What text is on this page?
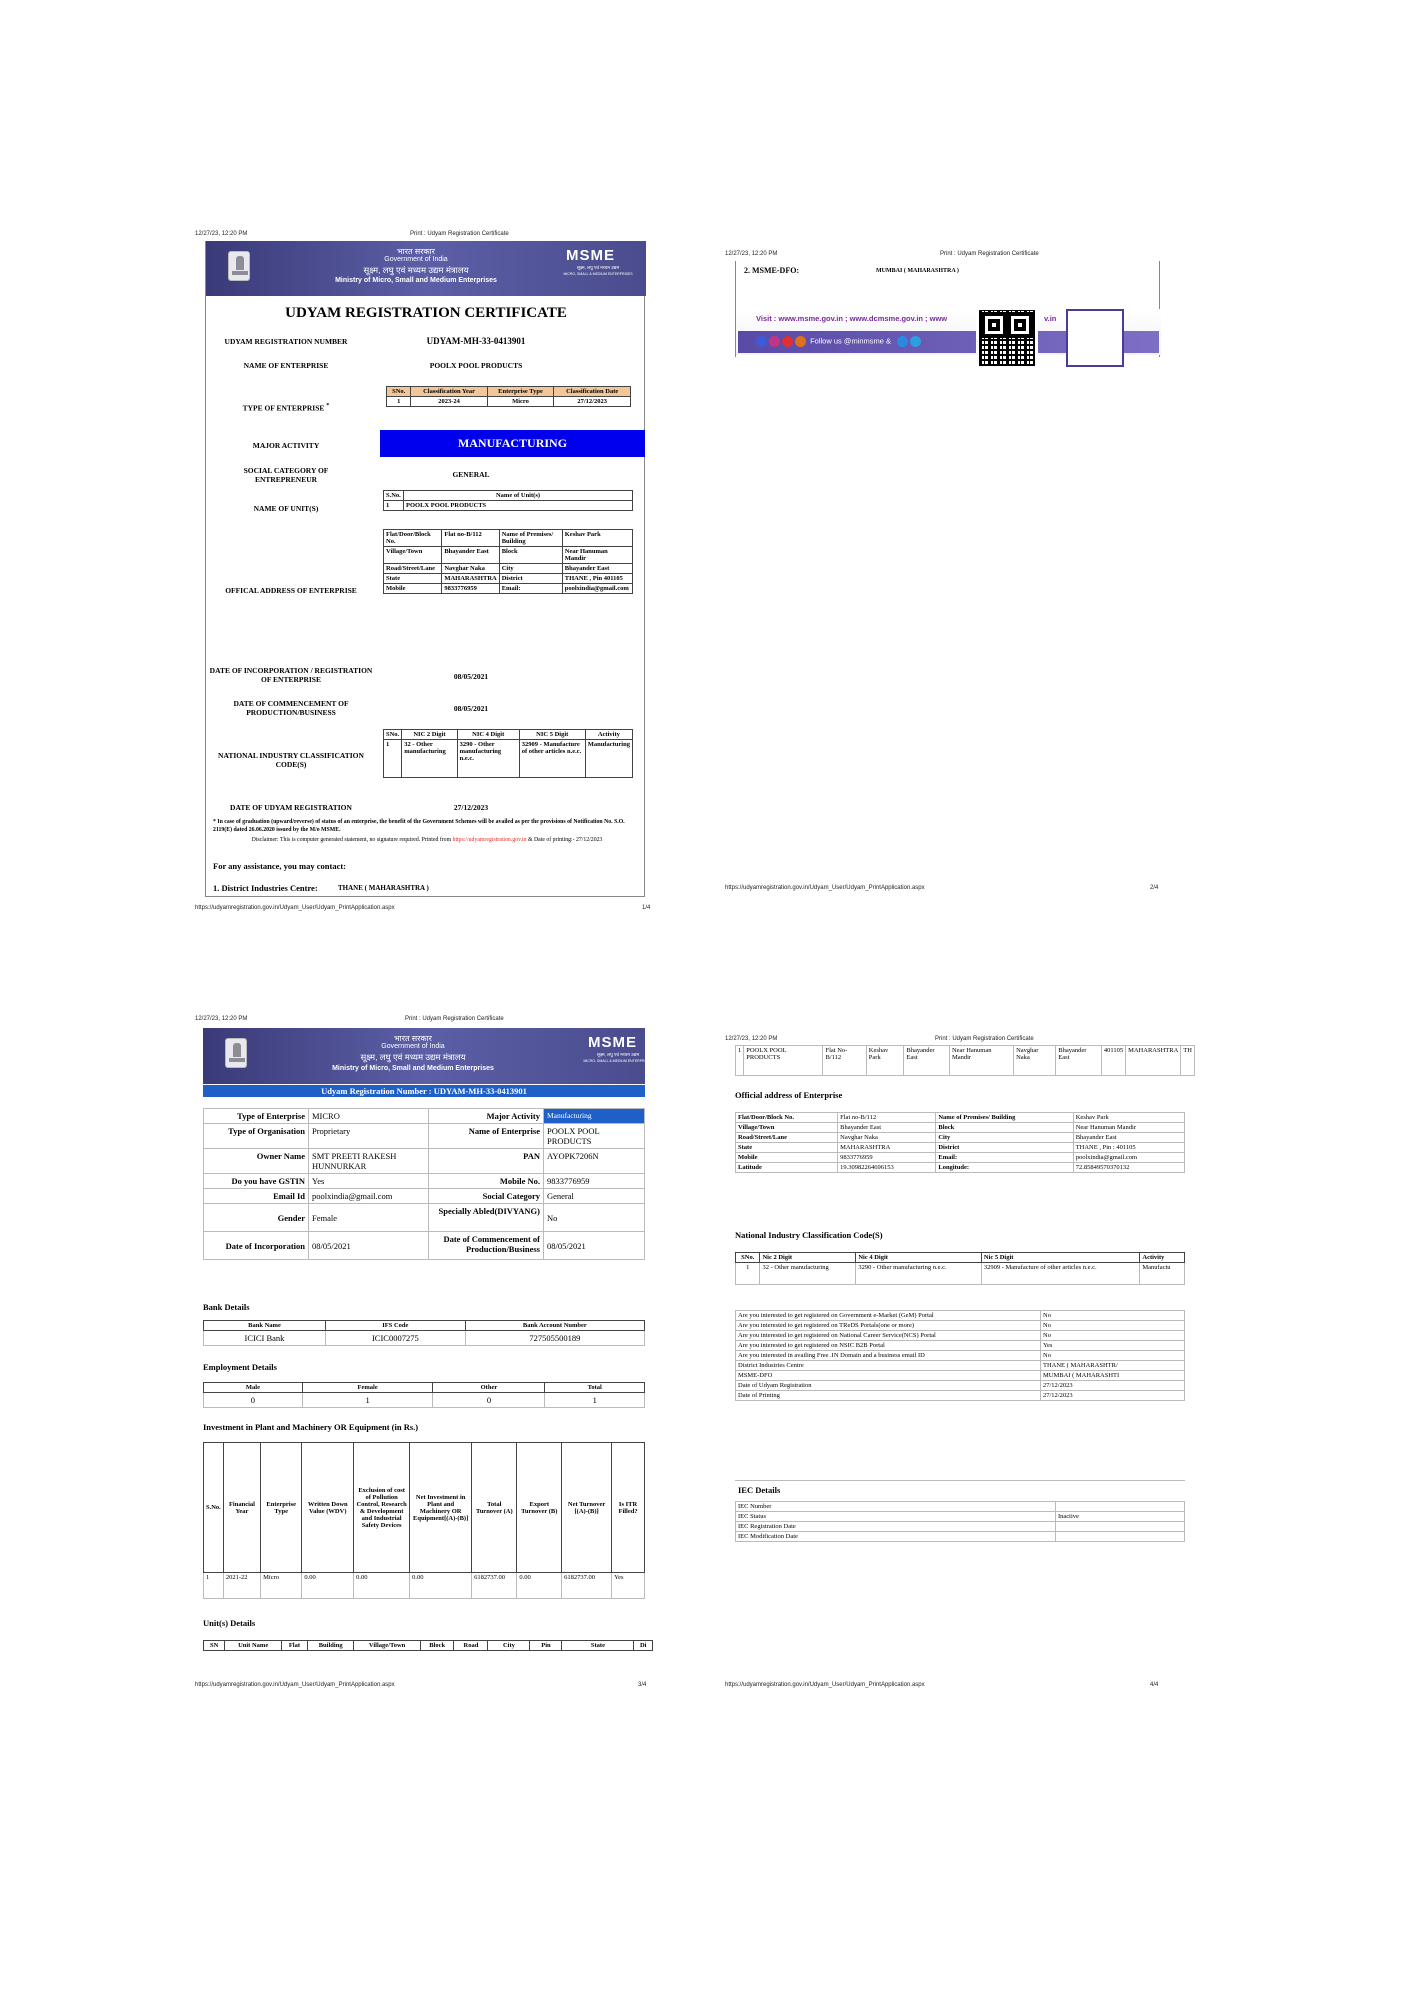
12/27/23, 12:20 PM	Print : Udyam Registration Certificate
भारत सरकार
Government of India
सूक्ष्म, लघु एवं मध्यम उद्यम मंत्रालय
Ministry of Micro, Small and Medium Enterprises
MSME
सूक्ष्म, लघु एवं मध्यम उद्यम
MICRO, SMALL & MEDIUM ENTERPRISES
UDYAM REGISTRATION CERTIFICATE
UDYAM REGISTRATION NUMBER	UDYAM-MH-33-0413901
NAME OF ENTERPRISE	POOLX POOL PRODUCTS
TYPE OF ENTERPRISE *
SNo.	Classification Year	Enterprise Type	Classification Date
1	2023-24	Micro	27/12/2023
MAJOR ACTIVITY	MANUFACTURING
SOCIAL CATEGORY OF ENTREPRENEUR
GENERAL
NAME OF UNIT(S)
S.No.	Name of Unit(s)
1	POOLX POOL PRODUCTS
OFFICAL ADDRESS OF ENTERPRISE
Flat/Door/Block No.	Flat no-B/112	Name of Premises/ Building	Keshav Park
Village/Town	Bhayander East	Block	Near Hanuman Mandir
Road/Street/Lane	Navghar Naka	City	Bhayander East
State	MAHARASHTRA	District	THANE , Pin 401105
Mobile	9833776959	Email:	poolxindia@gmail.com
DATE OF INCORPORATION / REGISTRATION OF ENTERPRISE	08/05/2021
DATE OF COMMENCEMENT OF PRODUCTION/BUSINESS	08/05/2021
NATIONAL INDUSTRY CLASSIFICATION CODE(S)
SNo.	NIC 2 Digit	NIC 4 Digit	NIC 5 Digit	Activity
1	32 - Other manufacturing	3290 - Other manufacturing n.e.c.	32909 - Manufacture of other articles n.e.c.	Manufacturing
DATE OF UDYAM REGISTRATION	27/12/2023
* In case of graduation (upward/reverse) of status of an enterprise, the benefit of the Government Schemes will be availed as per the provisions of Notification No. S.O. 2119(E) dated 26.06.2020 issued by the M/o MSME.
Disclaimer: This is computer generated statement, no signature required. Printed from https://udyamregistration.gov.in & Date of printing:- 27/12/2023
For any assistance, you may contact:
1. District Industries Centre:	THANE ( MAHARASHTRA )
https://udyamregistration.gov.in/Udyam_User/Udyam_PrintApplication.aspx	1/4
12/27/23, 12:20 PM	Print : Udyam Registration Certificate
2. MSME-DFO:	MUMBAI ( MAHARASHTRA )
Visit : www.msme.gov.in ; www.dcmsme.gov.in ; www	v.in
Follow us @minmsme &
https://udyamregistration.gov.in/Udyam_User/Udyam_PrintApplication.aspx	2/4
12/27/23, 12:20 PM	Print : Udyam Registration Certificate
भारत सरकार
Government of India
सूक्ष्म, लघु एवं मध्यम उद्यम मंत्रालय
Ministry of Micro, Small and Medium Enterprises
MSME
सूक्ष्म, लघु एवं मध्यम उद्यम
MICRO, SMALL & MEDIUM ENTERPRISES
Udyam Registration Number : UDYAM-MH-33-0413901
Type of Enterprise	MICRO	Major Activity	Manufacturing
Type of Organisation	Proprietary	Name of Enterprise	POOLX POOL PRODUCTS
Owner Name	SMT PREETI RAKESH HUNNURKAR	PAN	AYOPK7206N
Do you have GSTIN	Yes	Mobile No.	9833776959
Email Id	poolxindia@gmail.com	Social Category	General
Gender	Female	Specially Abled(DIVYANG)	No
Date of Incorporation	08/05/2021	Date of Commencement of Production/Business	08/05/2021
Bank Details
Bank Name	IFS Code	Bank Account Number
ICICI Bank	ICIC0007275	727505500189
Employment Details
Male	Female	Other	Total
0	1	0	1
Investment in Plant and Machinery OR Equipment (in Rs.)
S.No.	Financial Year	Enterprise Type	Written Down Value (WDV)	Exclusion of cost of Pollution Control, Research & Development and Industrial Safety Devices	Net Investment in Plant and Machinery OR Equipment[(A)-(B)]	Total Turnover (A)	Export Turnover (B)	Net Turnover [(A)-(B)]	Is ITR Filled?
1	2021-22	Micro	0.00	0.00	0.00	6182737.00	0.00	6182737.00	Yes
Unit(s) Details
SN	Unit Name	Flat	Building	Village/Town	Block	Road	City	Pin	State	Di
https://udyamregistration.gov.in/Udyam_User/Udyam_PrintApplication.aspx	3/4
12/27/23, 12:20 PM	Print : Udyam Registration Certificate
1	POOLX POOL PRODUCTS	Flat No- B/112	Keshav Park	Bhayander East	Near Hanuman Mandir	Navghar Naka	Bhayander East	401105	MAHARASHTRA	TH
Official address of Enterprise
Flat/Door/Block No.	Flat no-B/112	Name of Premises/ Building	Keshav Park
Village/Town	Bhayander East	Block	Near Hanuman Mandir
Road/Street/Lane	Navghar Naka	City	Bhayander East
State	MAHARASHTRA	District	THANE , Pin : 401105
Mobile	9833776959	Email:	poolxindia@gmail.com
Latitude	19.30982264696153	Longitude:	72.85849570370132
National Industry Classification Code(S)
SNo.	Nic 2 Digit	Nic 4 Digit	Nic 5 Digit	Activity
1	32 - Other manufacturing	3290 - Other manufacturing n.e.c.	32909 - Manufacture of other articles n.e.c.	Manufactu
Are you interested to get registered on Government e-Market (GeM) Portal	No
Are you interested to get registered on TReDS Portals(one or more)	No
Are you interested to get registered on National Career Service(NCS) Portal	No
Are you interested to get registered on NSIC B2B Portal	Yes
Are you interested in availing Free .IN Domain and a business email ID	No
District Industries Centre	THANE ( MAHARASHTR/
MSME-DFO	MUMBAI ( MAHARASHTI
Date of Udyam Registration	27/12/2023
Date of Printing	27/12/2023
IEC Details
IEC Number	
IEC Status	Inactive
IEC Registration Date	
IEC Modification Date	
https://udyamregistration.gov.in/Udyam_User/Udyam_PrintApplication.aspx	4/4
